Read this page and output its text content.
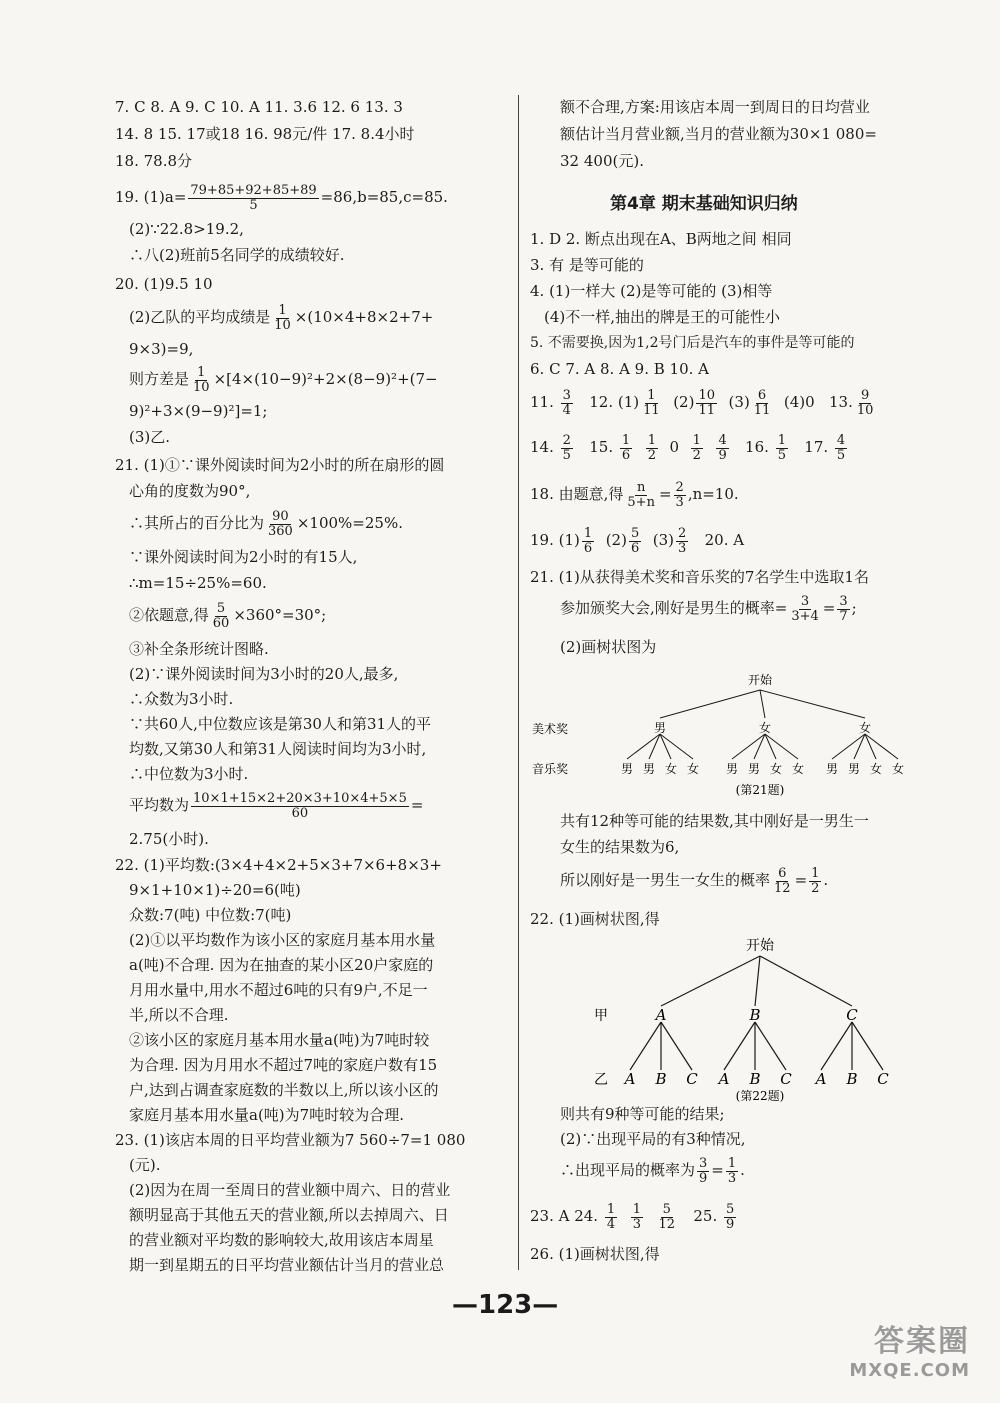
7. C 8. A 9. C 10. A 11. 3.6 12. 6 13. 3
14. 8 15. 17或18 16. 98元/件 17. 8.4小时
18. 78.8分
19. $(1)a= \frac{79+85+92+85+89}{5} =86,b=85,c=85$.
(2)∵22.8>19.2,
∴八(2)班前5名同学的成绩较好.
20. (1)9.5 10
(2)乙队的平均成绩是 $\frac{1}{10} \times(10\times 4+8\times 2+7+$
9×3)=9,
则方差是 $\frac{1}{10} \times[4\times(10-9)^2+2\times(8-9)^2+(7-$
9)²+3×(9−9)²]=1;
(3)乙.
21. (1)①∵课外阅读时间为2小时的所在扇形的圆
心角的度数为90°,
∴其所占的百分比为 $\frac{90}{360} \times 100\%=25\%$.
∵课外阅读时间为2小时的有15人,
∴m=15÷25%=60.
②依题意,得 $\frac{5}{60} \times 360^\circ=30^\circ$;
③补全条形统计图略.
(2)∵课外阅读时间为3小时的20人,最多,
∴众数为3小时.
∵共60人,中位数应该是第30人和第31人的平
均数,又第30人和第31人阅读时间均为3小时,
∴中位数为3小时.
平均数为 $\frac{10\times 1+15\times 2+20\times 3+10\times 4+5\times 5}{60}$ =
2.75(小时).
22. (1)平均数:(3×4+4×2+5×3+7×6+8×3+
9×1+10×1)÷20=6(吨)
众数:7(吨) 中位数:7(吨)
(2)①以平均数作为该小区的家庭月基本用水量
a(吨)不合理. 因为在抽查的某小区20户家庭的
月用水量中,用水不超过6吨的只有9户,不足一
半,所以不合理.
②该小区的家庭月基本用水量a(吨)为7吨时较
为合理. 因为月用水不超过7吨的家庭户数有15
户,达到占调查家庭数的半数以上,所以该小区的
家庭月基本用水量a(吨)为7吨时较为合理.
23. (1)该店本周的日平均营业额为7 560÷7=1 080
(元).
(2)因为在周一至周日的营业额中周六、日的营业
额明显高于其他五天的营业额,所以去掉周六、日
的营业额对平均数的影响较大,故用该店本周星
期一到星期五的日平均营业额估计当月的营业总
额不合理,方案:用该店本周一到周日的日均营业
额估计当月营业额,当月的营业额为30×1 080=
32 400(元).
第4章 期末基础知识归纳
1. D 2. 断点出现在A、B两地之间 相同
3. 有 是等可能的
4. (1)一样大 (2)是等可能的 (3)相等
(4)不一样,抽出的牌是王的可能性小
5. 不需要换,因为1,2号门后是汽车的事件是等可能的
6. C 7. A 8. A 9. B 10. A
11. $\frac{3}{4} 12$. $(1) \frac{1}{11} (2) \frac{10}{11} (3) \frac{6}{11} (4)0$ 13. $\frac{9}{10}$
14. $\frac{2}{5} 15$. $\frac{1}{6}$
$\frac{1}{2} 0 \frac{1}{2}$
$\frac{4}{9} 16$. $\frac{1}{5} 17$. $\frac{4}{5}$
18. 由题意,得 $\frac{n}{5+n} = \frac{2}{3} ,n=10$.
19. $(1) \frac{1}{6} (2) \frac{5}{6} (3) \frac{2}{3} 20$. A
21. (1)从获得美术奖和音乐奖的7名学生中选取1名
参加颁奖大会,刚好是男生的概率= $\frac{3}{3+4} = \frac{3}{7}$ ;
(2)画树状图为
开始
美术奖
音乐奖
男	女	女
男 男 女 女 男 男 女 女 男 男 女 女
(第21题)
共有12种等可能的结果数,其中刚好是一男生一
女生的结果数为6,
所以刚好是一男生一女生的概率 $\frac{6}{12} = \frac{1}{2}$ .
22. (1)画树状图,得
开始
甲
乙
A	B	C
A B C A B C A B C
(第22题)
则共有9种等可能的结果;
(2)∵出现平局的有3种情况,
∴出现平局的概率为 $\frac{3}{9} = \frac{1}{3}$ .
23. A 24. $\frac{1}{4}$
$\frac{1}{3}$
$\frac{5}{12} 25$. $\frac{5}{9}$
26. (1)画树状图,得
—123—
答案圈
MXQE.COM
